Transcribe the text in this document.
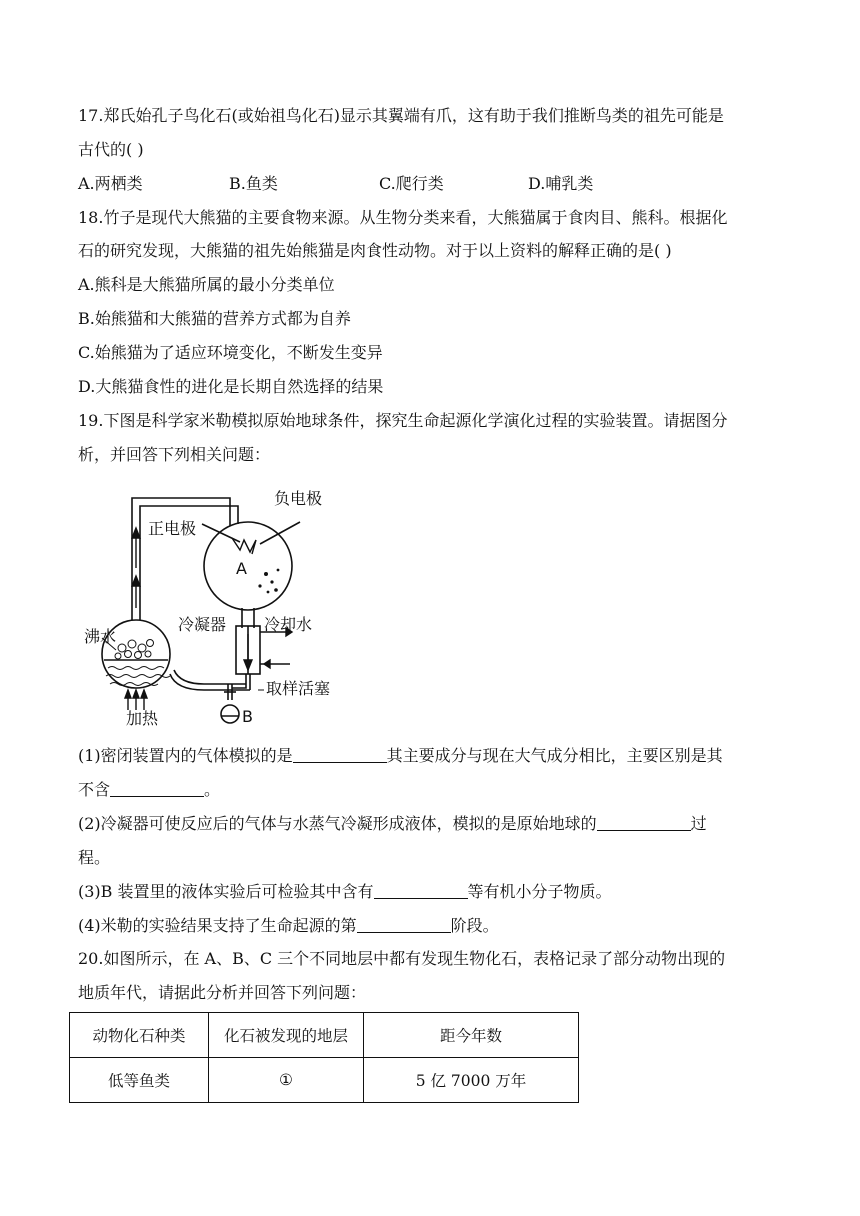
17.郑氏始孔子鸟化石(或始祖鸟化石)显示其翼端有爪，这有助于我们推断鸟类的祖先可能是
古代的( )
A.两栖类	B.鱼类	C.爬行类	D.哺乳类
18.竹子是现代大熊猫的主要食物来源。从生物分类来看，大熊猫属于食肉目、熊科。根据化
石的研究发现，大熊猫的祖先始熊猫是肉食性动物。对于以上资料的解释正确的是( )
A.熊科是大熊猫所属的最小分类单位
B.始熊猫和大熊猫的营养方式都为自养
C.始熊猫为了适应环境变化，不断发生变异
D.大熊猫食性的进化是长期自然选择的结果
19.下图是科学家米勒模拟原始地球条件，探究生命起源化学演化过程的实验装置。请据图分
析，并回答下列相关问题：
负电极
正电极
A
冷凝器 冷却水
沸水
取样活塞
加热	B
(1)密闭装置内的气体模拟的是	其主要成分与现在大气成分相比，主要区别是其
不含	。
(2)冷凝器可使反应后的气体与水蒸气冷凝形成液体，模拟的是原始地球的	过
程。
(3)B 装置里的液体实验后可检验其中含有	等有机小分子物质。
(4)米勒的实验结果支持了生命起源的第	阶段。
20.如图所示，在 A、B、C 三个不同地层中都有发现生物化石，表格记录了部分动物出现的
地质年代，请据此分析并回答下列问题：
动物化石种类	化石被发现的地层	距今年数
低等鱼类	①	5 亿 7000 万年
